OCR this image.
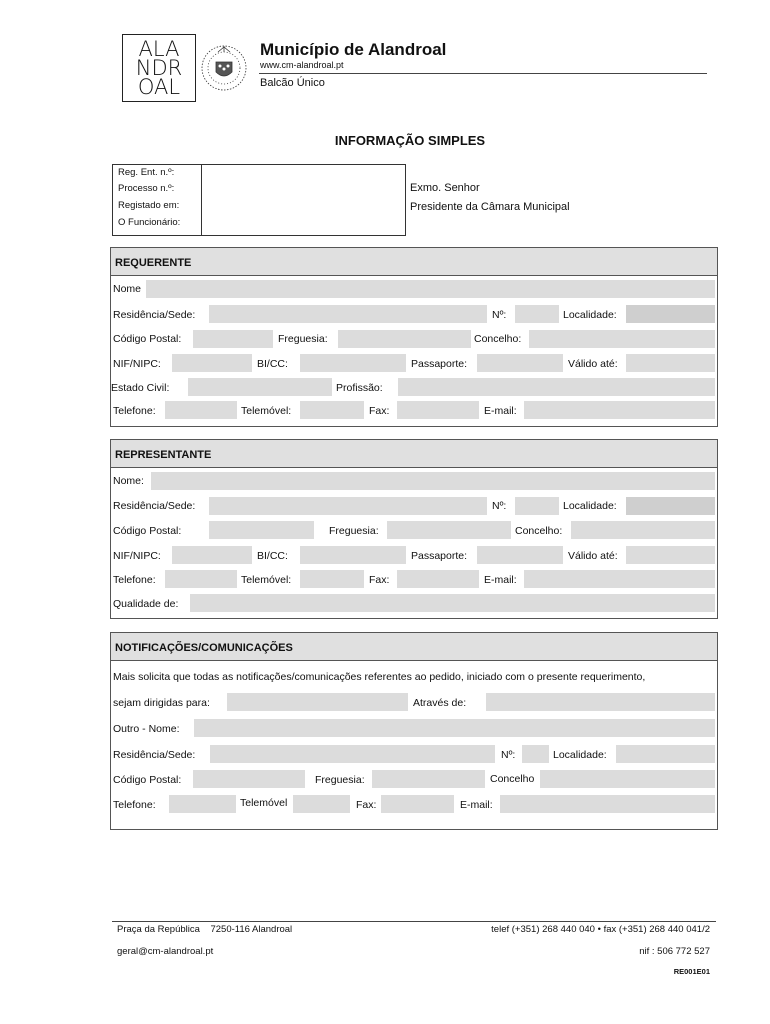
ALA
NDR
OAL
Município de Alandroal
www.cm-alandroal.pt
Balcão Único
INFORMAÇÃO SIMPLES
Reg. Ent. n.º:
Processo n.º:
Registado em:
O Funcionário:
Exmo. Senhor
Presidente da Câmara Municipal
REQUERENTE
Nome
Residência/Sede:	Nº:	Localidade:
Código Postal:	Freguesia:	Concelho:
NIF/NIPC:	BI/CC:	Passaporte:	Válido até:
Estado Civil:	Profissão:
Telefone:	Telemóvel:	Fax:	E-mail:
REPRESENTANTE
Nome:
Residência/Sede:	Nº:	Localidade:
Código Postal:	Freguesia:	Concelho:
NIF/NIPC:	BI/CC:	Passaporte:	Válido até:
Telefone:	Telemóvel:	Fax:	E-mail:
Qualidade de:
NOTIFICAÇÕES/COMUNICAÇÕES
Mais solicita que todas as notificações/comunicações referentes ao pedido, iniciado com o presente requerimento,
sejam dirigidas para:	Através de:
Outro - Nome:
Residência/Sede:	Nº:	Localidade:
Código Postal:	Freguesia:	Concelho
Telefone:	Telemóvel	Fax:	E-mail:
Praça da República    7250-116 Alandroal	telef (+351) 268 440 040 • fax (+351) 268 440 041/2
geral@cm-alandroal.pt	nif : 506 772 527
RE001E01
